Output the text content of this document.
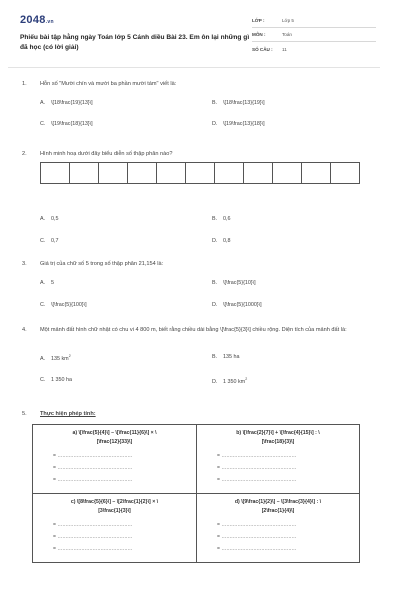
2048.vn
Phiếu bài tập hằng ngày Toán lớp 5 Cánh diều Bài 23. Em ôn lại những gì đã học (có lời giải)
LỚP :	Lớp 5
MÔN :	Toán
SỐ CÂU :	11
1.	Hỗn số "Mười chín và mười ba phần mười tám" viết là:
A. \[18\frac{19}{13}\]	B. \[18\frac{13}{19}\]
C. \[19\frac{18}{13}\]	D. \[19\frac{13}{18}\]
2.	Hình minh hoạ dưới đây biểu diễn số thập phân nào?
A. 0,5	B. 0,6
C. 0,7	D. 0,8
3.	Giá trị của chữ số 5 trong số thập phân 21,154 là:
A. 5	B. \[\frac{5}{10}\]
C. \[\frac{5}{100}\]	D. \[\frac{5}{1000}\]
4.	Một mảnh đất hình chữ nhật có chu vi 4 800 m, biết rằng chiều dài bằng \[\frac{5}{3}\] chiều rộng. Diện tích của mảnh đất là:
A. 135 $km^2$	B. 135 ha
C. 1 350 ha	D. 1 350 $km^2$
5.	Thực hiện phép tính:
a) \[\frac{5}{4}\] – \[\frac{11}{6}\] × \
[\frac{12}{33}\]
= ...............................................
= ...............................................
= ...............................................
b) \[\frac{2}{7}\] + \[\frac{4}{15}\] : \
[\frac{18}{3}\]
= ...............................................
= ...............................................
= ...............................................
c) \[8\frac{5}{6}\] – \[2\frac{1}{2}\] × \
[3\frac{1}{3}\]
= ...............................................
= ...............................................
= ...............................................
d) \[9\frac{1}{2}\] – \[3\frac{3}{4}\] : \
[2\frac{1}{4}\]
= ...............................................
= ...............................................
= ...............................................
